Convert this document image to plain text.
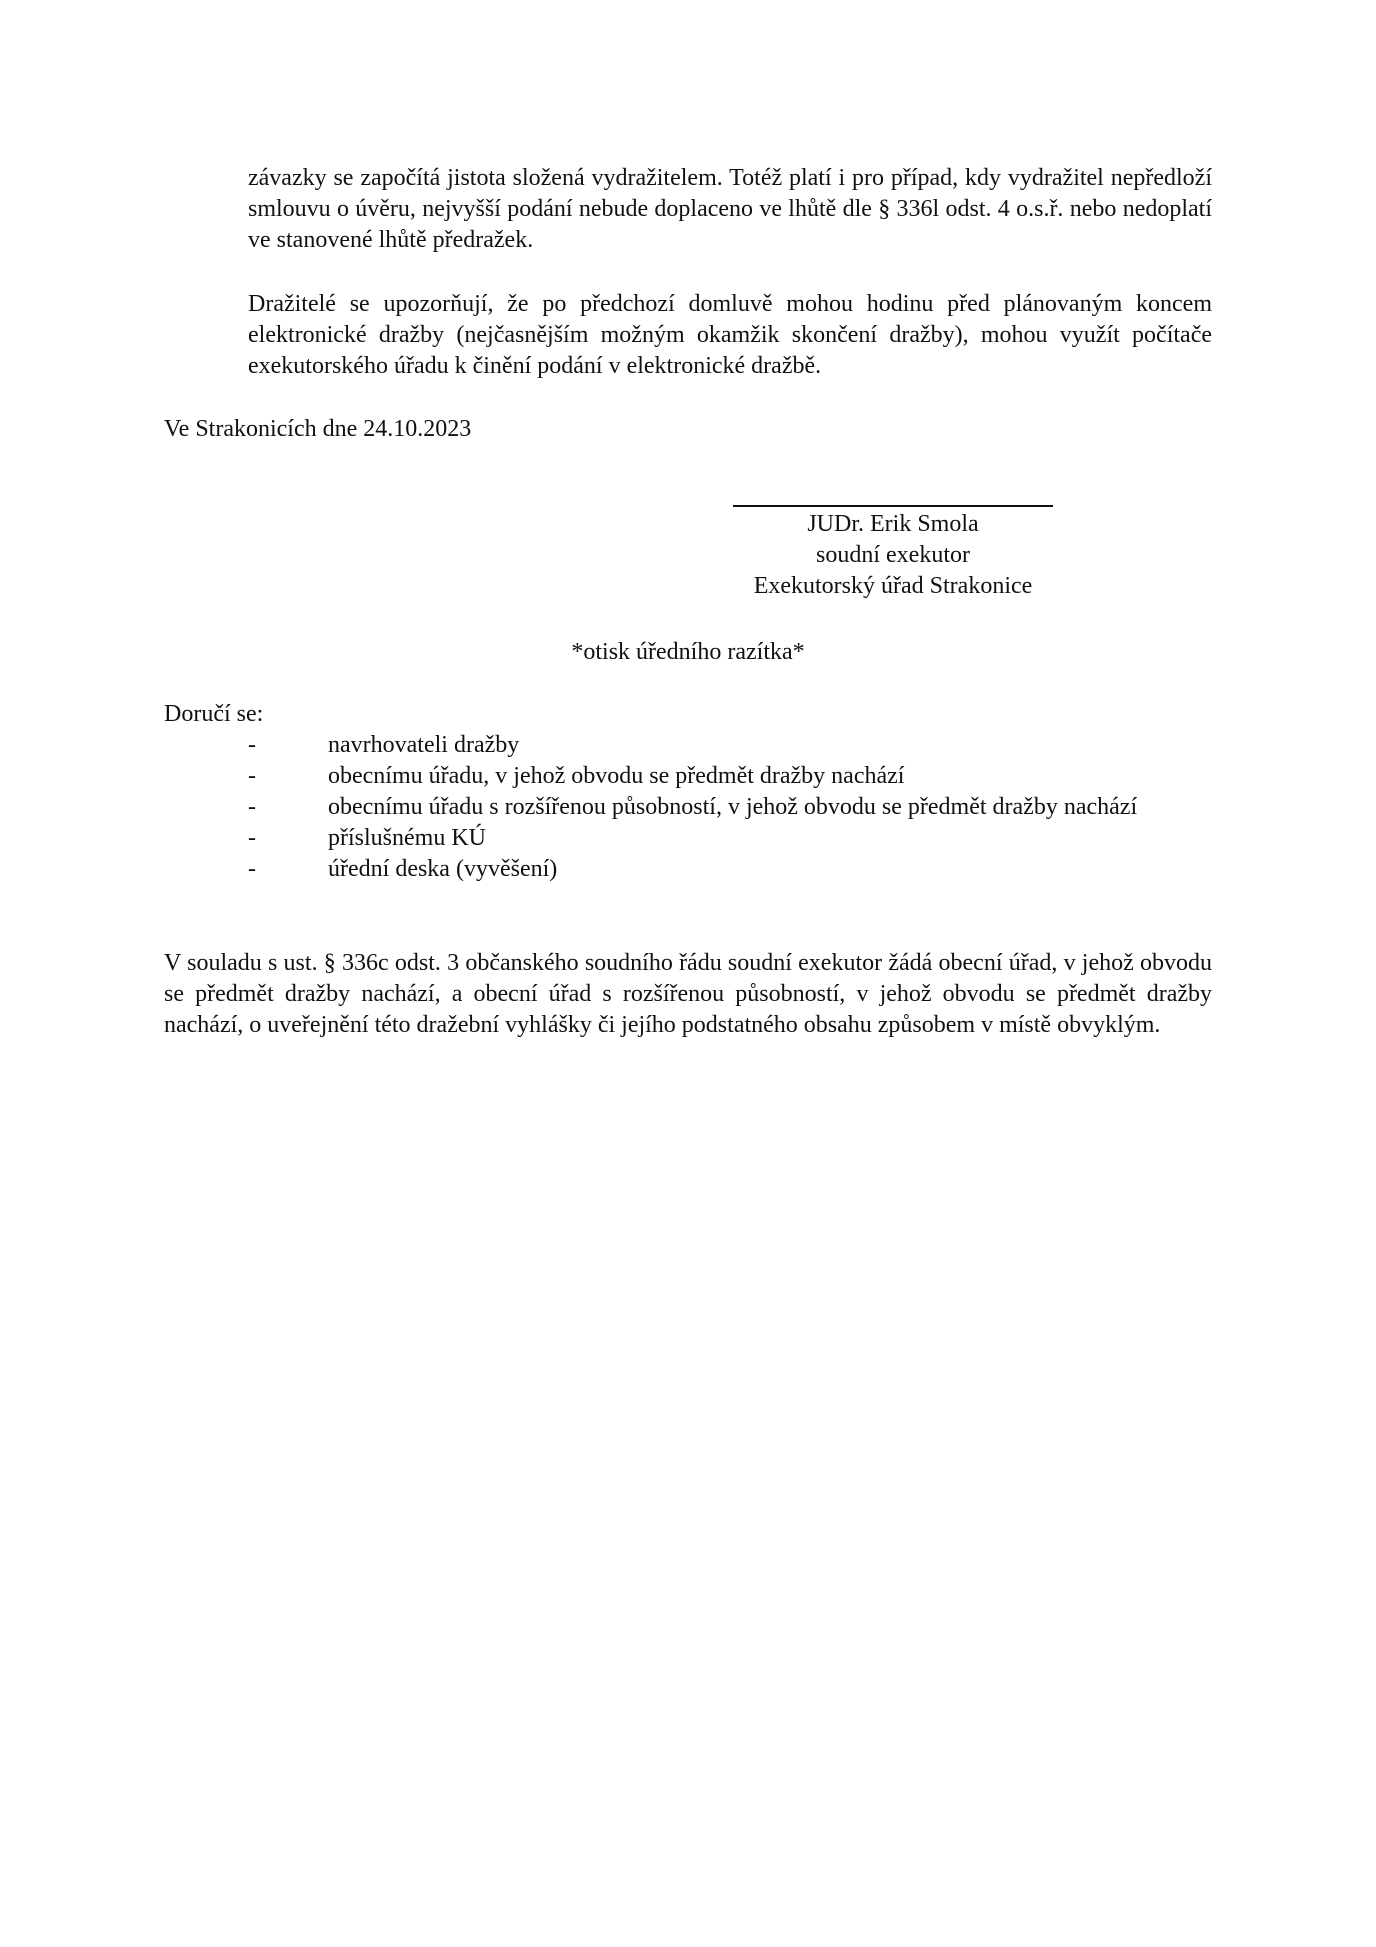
závazky se započítá jistota složená vydražitelem. Totéž platí i pro případ, kdy vydražitel nepředloží smlouvu o úvěru, nejvyšší podání nebude doplaceno ve lhůtě dle § 336l odst. 4 o.s.ř. nebo nedoplatí ve stanovené lhůtě předražek.
Dražitelé se upozorňují, že po předchozí domluvě mohou hodinu před plánovaným koncem elektronické dražby (nejčasnějším možným okamžik skončení dražby), mohou využít počítače exekutorského úřadu k činění podání v elektronické dražbě.
Ve Strakonicích dne 24.10.2023
JUDr. Erik Smola
soudní exekutor
Exekutorský úřad Strakonice
*otisk úředního razítka*
Doručí se:
-	navrhovateli dražby
-	obecnímu úřadu, v jehož obvodu se předmět dražby nachází
-	obecnímu úřadu s rozšířenou působností, v jehož obvodu se předmět dražby nachází
-	příslušnému KÚ
-	úřední deska (vyvěšení)
V souladu s ust. § 336c odst. 3 občanského soudního řádu soudní exekutor žádá obecní úřad, v jehož obvodu se předmět dražby nachází, a obecní úřad s rozšířenou působností, v jehož obvodu se předmět dražby nachází, o uveřejnění této dražební vyhlášky či jejího podstatného obsahu způsobem v místě obvyklým.
